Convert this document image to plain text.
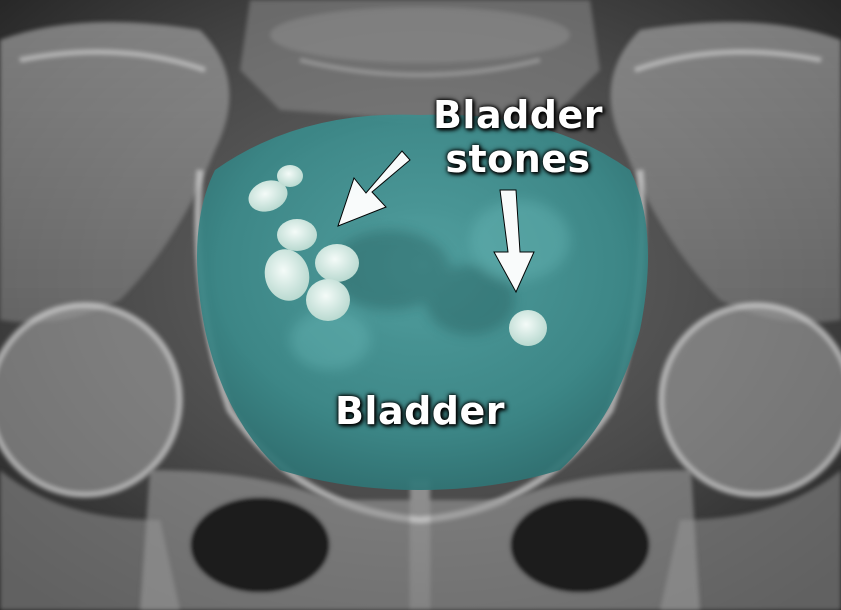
Bladder
stones
Bladder
